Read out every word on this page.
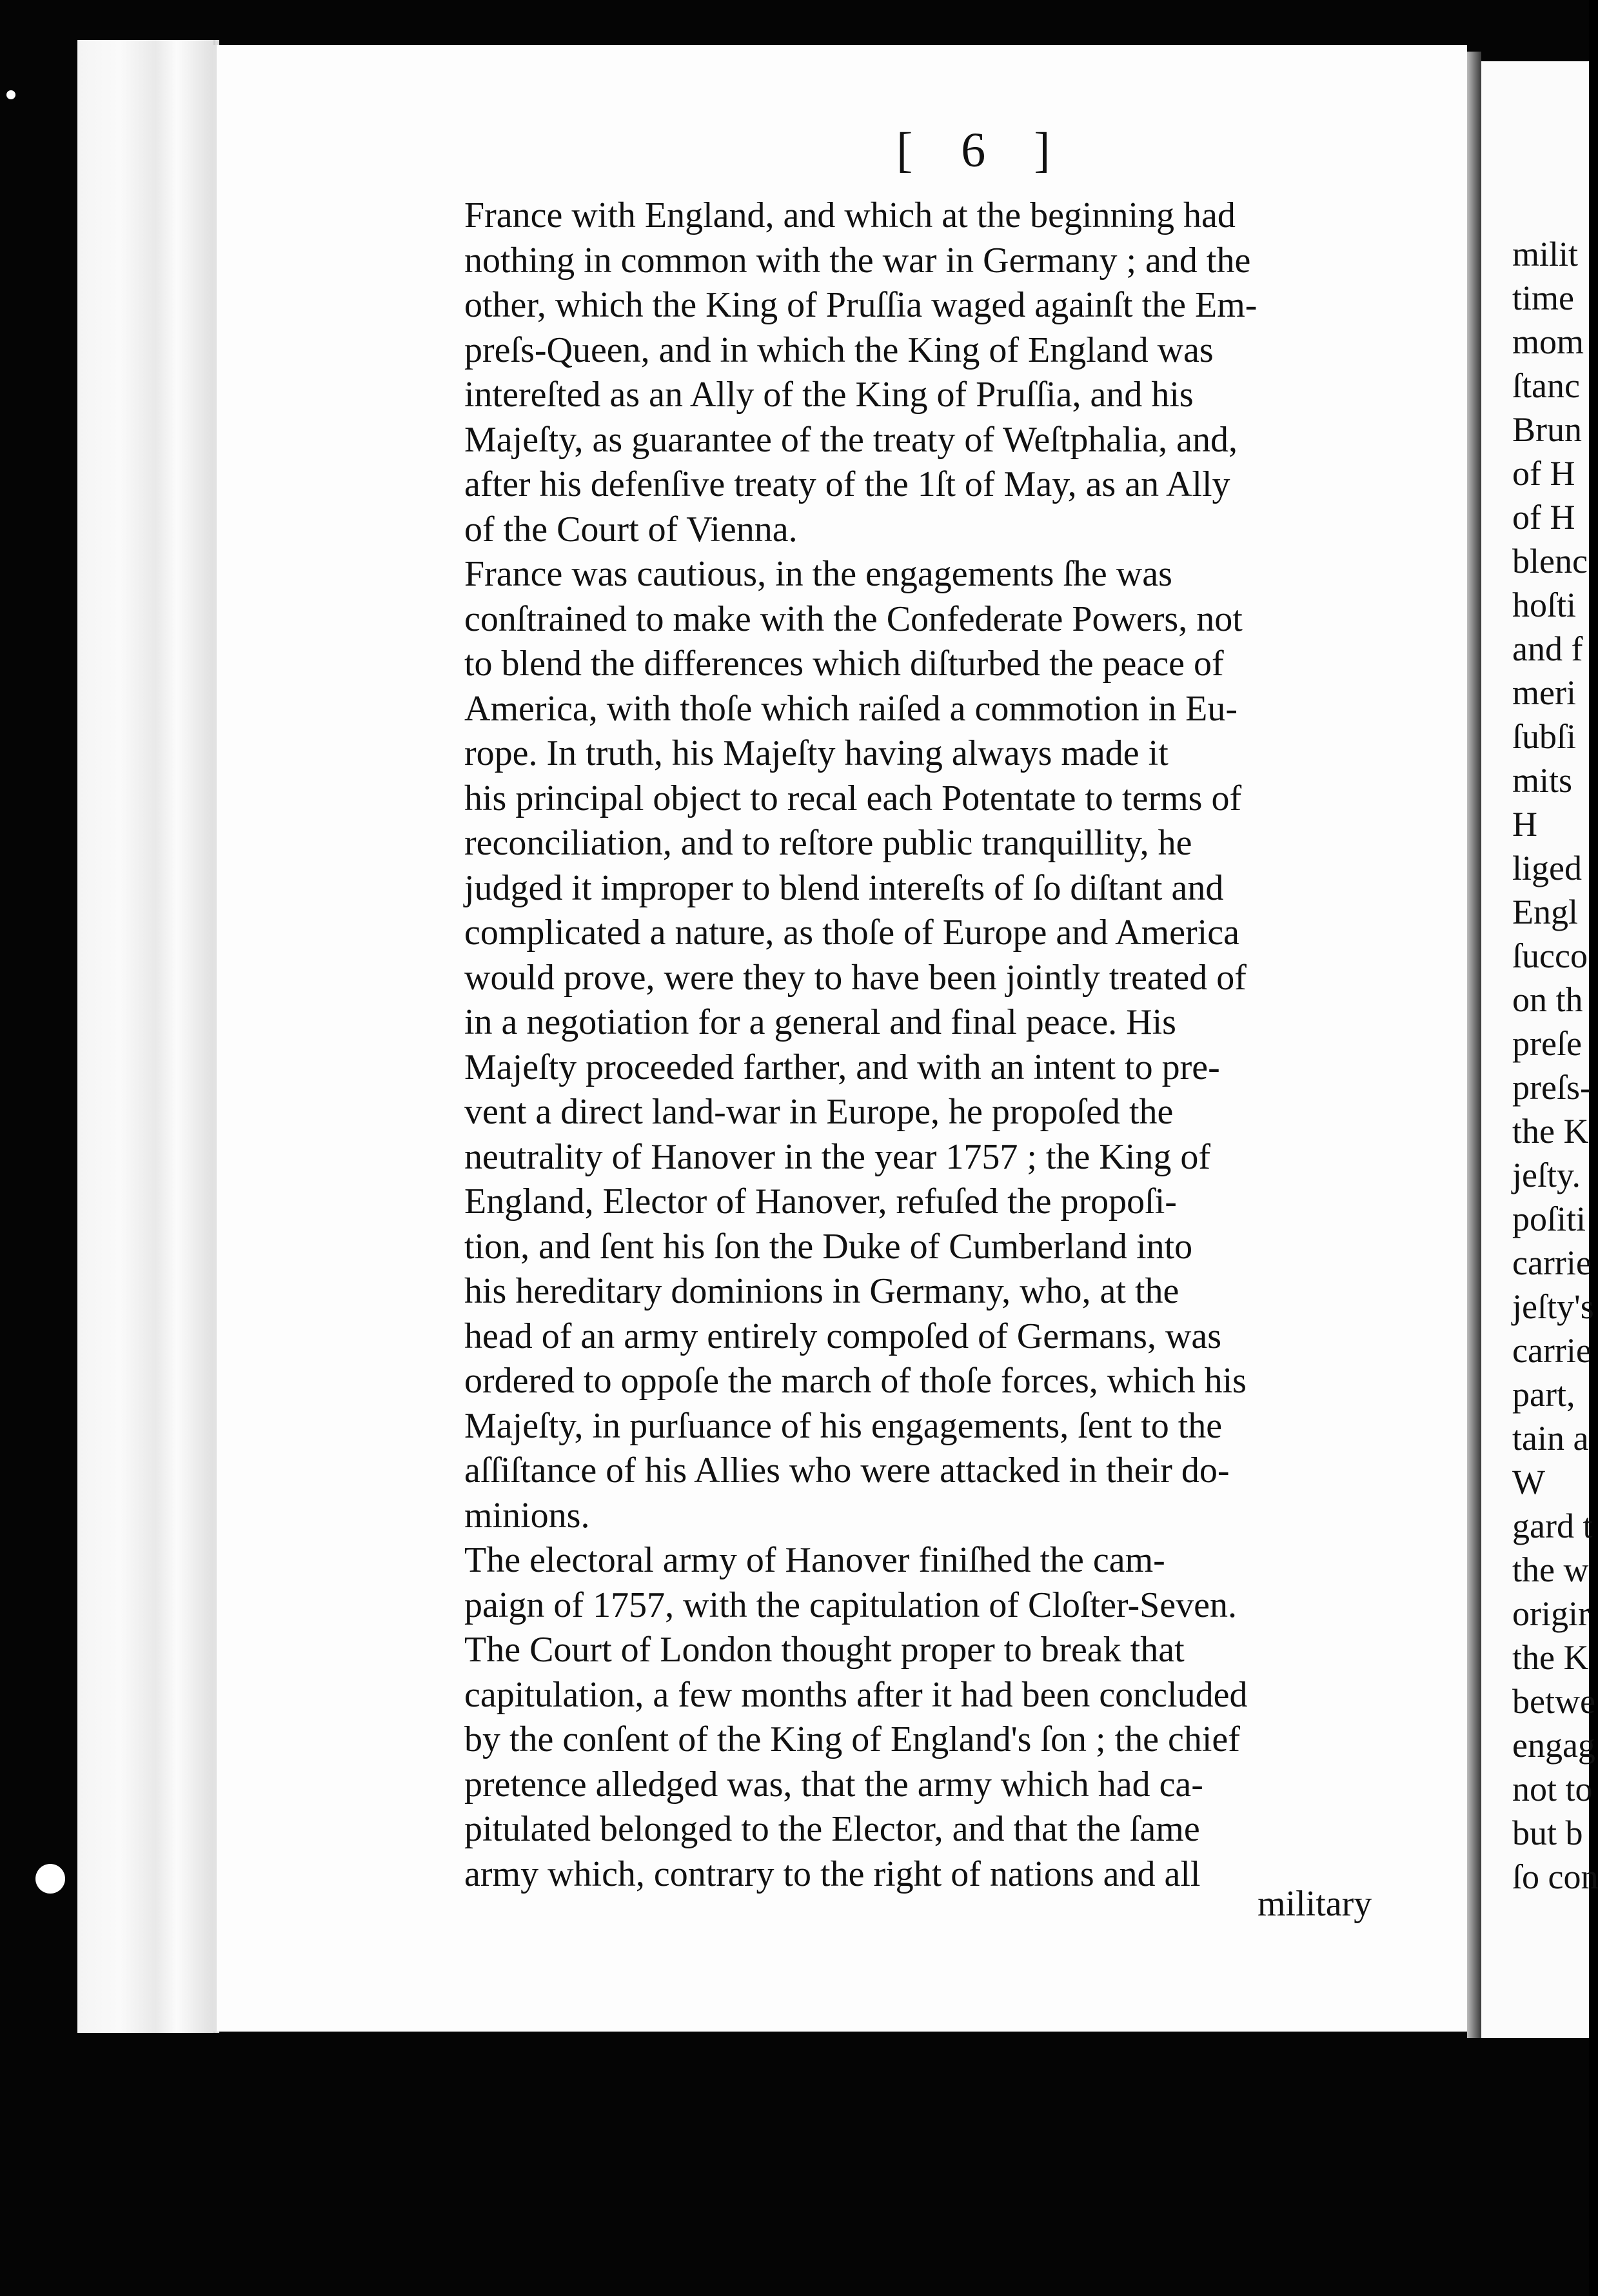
[ 6 ]
France with England, and which at the beginning had
nothing in common with the war in Germany ; and the
other, which the King of Pruſſia waged againſt the Em-
preſs-Queen, and in which the King of England was
intereſted as an Ally of the King of Pruſſia, and his
Majeſty, as guarantee of the treaty of Weſtphalia, and,
after his defenſive treaty of the 1ſt of May, as an Ally
of the Court of Vienna.
France was cautious, in the engagements ſhe was
conſtrained to make with the Confederate Powers, not
to blend the differences which diſturbed the peace of
America, with thoſe which raiſed a commotion in Eu-
rope. In truth, his Majeſty having always made it
his principal object to recal each Potentate to terms of
reconciliation, and to reſtore public tranquillity, he
judged it improper to blend intereſts of ſo diſtant and
complicated a nature, as thoſe of Europe and America
would prove, were they to have been jointly treated of
in a negotiation for a general and final peace. His
Majeſty proceeded farther, and with an intent to pre-
vent a direct land-war in Europe, he propoſed the
neutrality of Hanover in the year 1757 ; the King of
England, Elector of Hanover, refuſed the propoſi-
tion, and ſent his ſon the Duke of Cumberland into
his hereditary dominions in Germany, who, at the
head of an army entirely compoſed of Germans, was
ordered to oppoſe the march of thoſe forces, which his
Majeſty, in purſuance of his engagements, ſent to the
aſſiſtance of his Allies who were attacked in their do-
minions.
The electoral army of Hanover finiſhed the cam-
paign of 1757, with the capitulation of Cloſter-Seven.
The Court of London thought proper to break that
capitulation, a few months after it had been concluded
by the conſent of the King of England's ſon ; the chief
pretence alledged was, that the army which had ca-
pitulated belonged to the Elector, and that the ſame
army which, contrary to the right of nations and all
military
milit
time
mom
ſtanc
Brun
of H
of H
blenc
hoſti
and f
meri
ſubſi
mits
H
liged
Engl
ſucco
on th
preſe
preſs-
the K
jeſty.
poſiti
carrie
jeſty's
carrie
part,
tain a
W
gard t
the w
origir
the K
betwe
engag
not to
but b
ſo con
